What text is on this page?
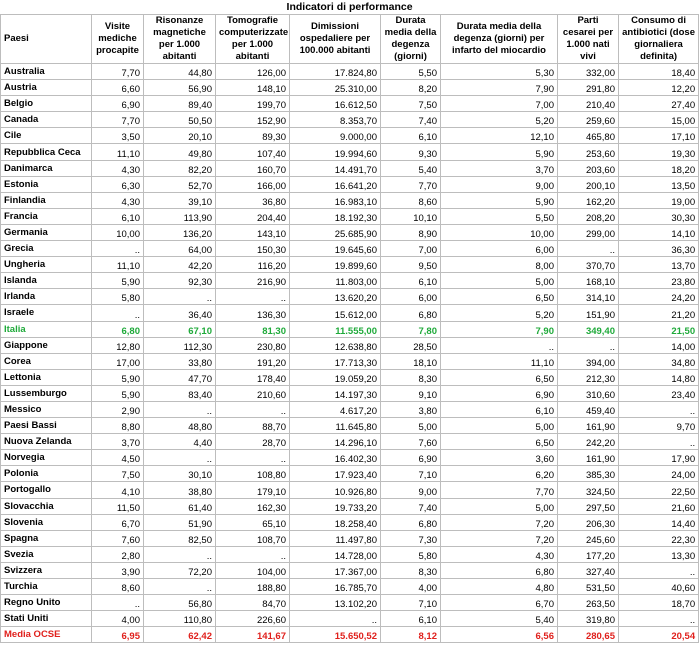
Indicatori di performance								
Paesi	Visite mediche procapite	Risonanze magnetiche per 1.000 abitanti	Tomografie computerizzate per 1.000 abitanti	Dimissioni ospedaliere per 100.000 abitanti	Durata media della degenza (giorni)	Durata media della degenza (giorni) per infarto del miocardio	Parti cesarei per 1.000 nati vivi	Consumo di antibiotici (dose giornaliera definita)
Australia	7,70	44,80	126,00	17.824,80	5,50	5,30	332,00	18,40
Austria	6,60	56,90	148,10	25.310,00	8,20	7,90	291,80	12,20
Belgio	6,90	89,40	199,70	16.612,50	7,50	7,00	210,40	27,40
Canada	7,70	50,50	152,90	8.353,70	7,40	5,20	259,60	15,00
Cile	3,50	20,10	89,30	9.000,00	6,10	12,10	465,80	17,10
Repubblica Ceca	11,10	49,80	107,40	19.994,60	9,30	5,90	253,60	19,30
Danimarca	4,30	82,20	160,70	14.491,70	5,40	3,70	203,60	18,20
Estonia	6,30	52,70	166,00	16.641,20	7,70	9,00	200,10	13,50
Finlandia	4,30	39,10	36,80	16.983,10	8,60	5,90	162,20	19,00
Francia	6,10	113,90	204,40	18.192,30	10,10	5,50	208,20	30,30
Germania	10,00	136,20	143,10	25.685,90	8,90	10,00	299,00	14,10
Grecia	..	64,00	150,30	19.645,60	7,00	6,00	..	36,30
Ungheria	11,10	42,20	116,20	19.899,60	9,50	8,00	370,70	13,70
Islanda	5,90	92,30	216,90	11.803,00	6,10	5,00	168,10	23,80
Irlanda	5,80	..	..	13.620,20	6,00	6,50	314,10	24,20
Israele	..	36,40	136,30	15.612,00	6,80	5,20	151,90	21,20
Italia	6,80	67,10	81,30	11.555,00	7,80	7,90	349,40	21,50
Giappone	12,80	112,30	230,80	12.638,80	28,50	..	..	14,00
Corea	17,00	33,80	191,20	17.713,30	18,10	11,10	394,00	34,80
Lettonia	5,90	47,70	178,40	19.059,20	8,30	6,50	212,30	14,80
Lussemburgo	5,90	83,40	210,60	14.197,30	9,10	6,90	310,60	23,40
Messico	2,90	..	..	4.617,20	3,80	6,10	459,40	..
Paesi Bassi	8,80	48,80	88,70	11.645,80	5,00	5,00	161,90	9,70
Nuova Zelanda	3,70	4,40	28,70	14.296,10	7,60	6,50	242,20	..
Norvegia	4,50	..	..	16.402,30	6,90	3,60	161,90	17,90
Polonia	7,50	30,10	108,80	17.923,40	7,10	6,20	385,30	24,00
Portogallo	4,10	38,80	179,10	10.926,80	9,00	7,70	324,50	22,50
Slovacchia	11,50	61,40	162,30	19.733,20	7,40	5,00	297,50	21,60
Slovenia	6,70	51,90	65,10	18.258,40	6,80	7,20	206,30	14,40
Spagna	7,60	82,50	108,70	11.497,80	7,30	7,20	245,60	22,30
Svezia	2,80	..	..	14.728,00	5,80	4,30	177,20	13,30
Svizzera	3,90	72,20	104,00	17.367,00	8,30	6,80	327,40	..
Turchia	8,60	..	188,80	16.785,70	4,00	4,80	531,50	40,60
Regno Unito	..	56,80	84,70	13.102,20	7,10	6,70	263,50	18,70
Stati Uniti	4,00	110,80	226,60	..	6,10	5,40	319,80	..
Media OCSE	6,95	62,42	141,67	15.650,52	8,12	6,56	280,65	20,54
